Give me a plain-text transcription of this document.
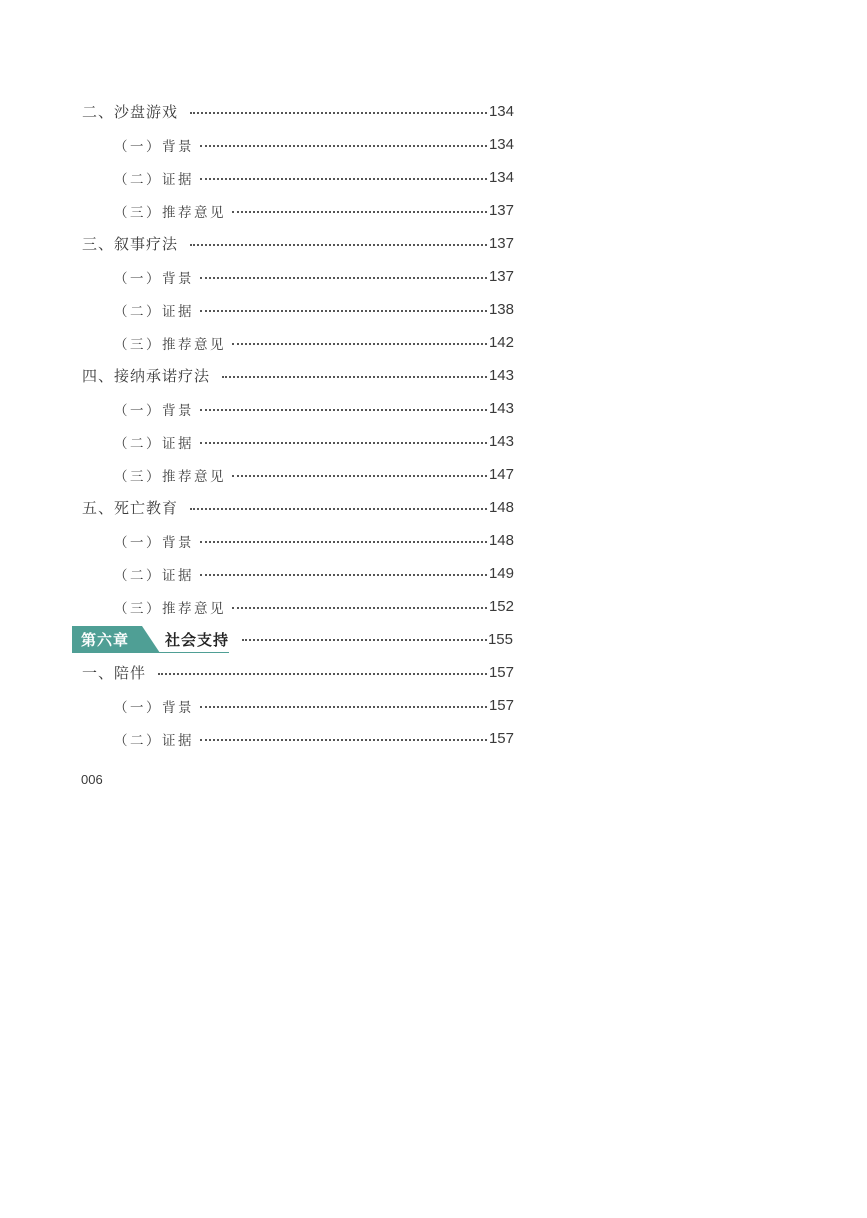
二、沙盘游戏	134
（一）背景	134
（二）证据	134
（三）推荐意见	137
三、叙事疗法	137
（一）背景	137
（二）证据	138
（三）推荐意见	142
四、接纳承诺疗法	143
（一）背景	143
（二）证据	143
（三）推荐意见	147
五、死亡教育	148
（一）背景	148
（二）证据	149
（三）推荐意见	152
第六章 社会支持	155
一、陪伴	157
（一）背景	157
（二）证据	157
006
